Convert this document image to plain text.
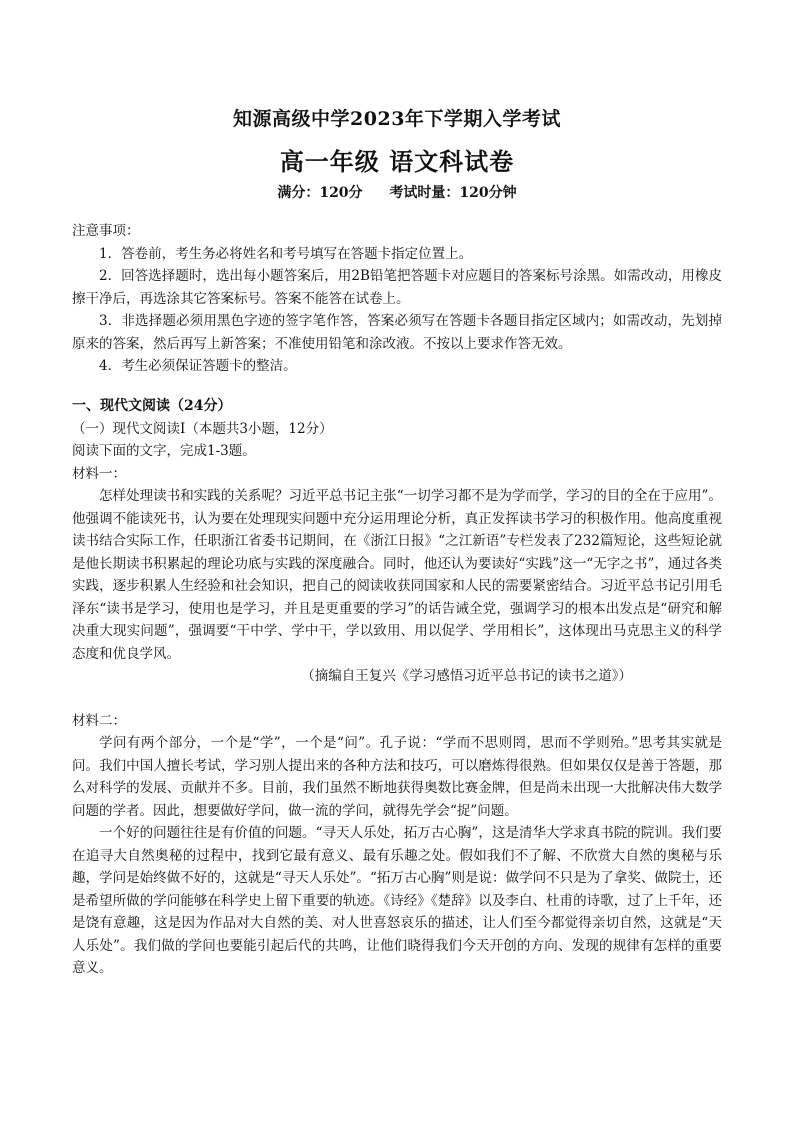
知源高级中学2023年下学期入学考试
高一年级 语文科试卷
满分：120分 考试时量：120分钟

注意事项：

1．答卷前，考生务必将姓名和考号填写在答题卡指定位置上。

2．回答选择题时，选出每小题答案后，用2B铅笔把答题卡对应题目的答案标号涂黑。如需改动，用橡皮擦干净后，再选涂其它答案标号。答案不能答在试卷上。

3．非选择题必须用黑色字迹的签字笔作答，答案必须写在答题卡各题目指定区域内；如需改动，先划掉原来的答案，然后再写上新答案；不准使用铅笔和涂改液。不按以上要求作答无效。

4．考生必须保证答题卡的整洁。

一、现代文阅读（24分）

（一）现代文阅读Ⅰ（本题共3小题，12分）

阅读下面的文字，完成1-3题。

材料一：

怎样处理读书和实践的关系呢？习近平总书记主张“一切学习都不是为学而学，学习的目的全在于应用”。他强调不能读死书，认为要在处理现实问题中充分运用理论分析，真正发挥读书学习的积极作用。他高度重视读书结合实际工作，任职浙江省委书记期间，在《浙江日报》“之江新语”专栏发表了232篇短论，这些短论就是他长期读书积累起的理论功底与实践的深度融合。同时，他还认为要读好“实践”这一“无字之书”，通过各类实践，逐步积累人生经验和社会知识，把自己的阅读收获同国家和人民的需要紧密结合。习近平总书记引用毛泽东“读书是学习，使用也是学习，并且是更重要的学习”的话告诫全党，强调学习的根本出发点是“研究和解决重大现实问题”，强调要“干中学、学中干，学以致用、用以促学、学用相长”，这体现出马克思主义的科学态度和优良学风。

（摘编自王复兴《学习感悟习近平总书记的读书之道》）

材料二：

学问有两个部分，一个是“学”，一个是“问”。孔子说：“学而不思则罔，思而不学则殆。”思考其实就是问。我们中国人擅长考试，学习别人提出来的各种方法和技巧，可以磨炼得很熟。但如果仅仅是善于答题，那么对科学的发展、贡献并不多。目前，我们虽然不断地获得奥数比赛金牌，但是尚未出现一大批解决伟大数学问题的学者。因此，想要做好学问，做一流的学问，就得先学会“捉”问题。

一个好的问题往往是有价值的问题。“寻天人乐处，拓万古心胸”，这是清华大学求真书院的院训。我们要在追寻大自然奥秘的过程中，找到它最有意义、最有乐趣之处。假如我们不了解、不欣赏大自然的奥秘与乐趣，学问是始终做不好的，这就是“寻天人乐处”。“拓万古心胸”则是说：做学问不只是为了拿奖、做院士，还是希望所做的学问能够在科学史上留下重要的轨迹。《诗经》《楚辞》以及李白、杜甫的诗歌，过了上千年，还是饶有意趣，这是因为作品对大自然的美、对人世喜怒哀乐的描述，让人们至今都觉得亲切自然，这就是“天人乐处”。我们做的学问也要能引起后代的共鸣，让他们晓得我们今天开创的方向、发现的规律有怎样的重要意义。
